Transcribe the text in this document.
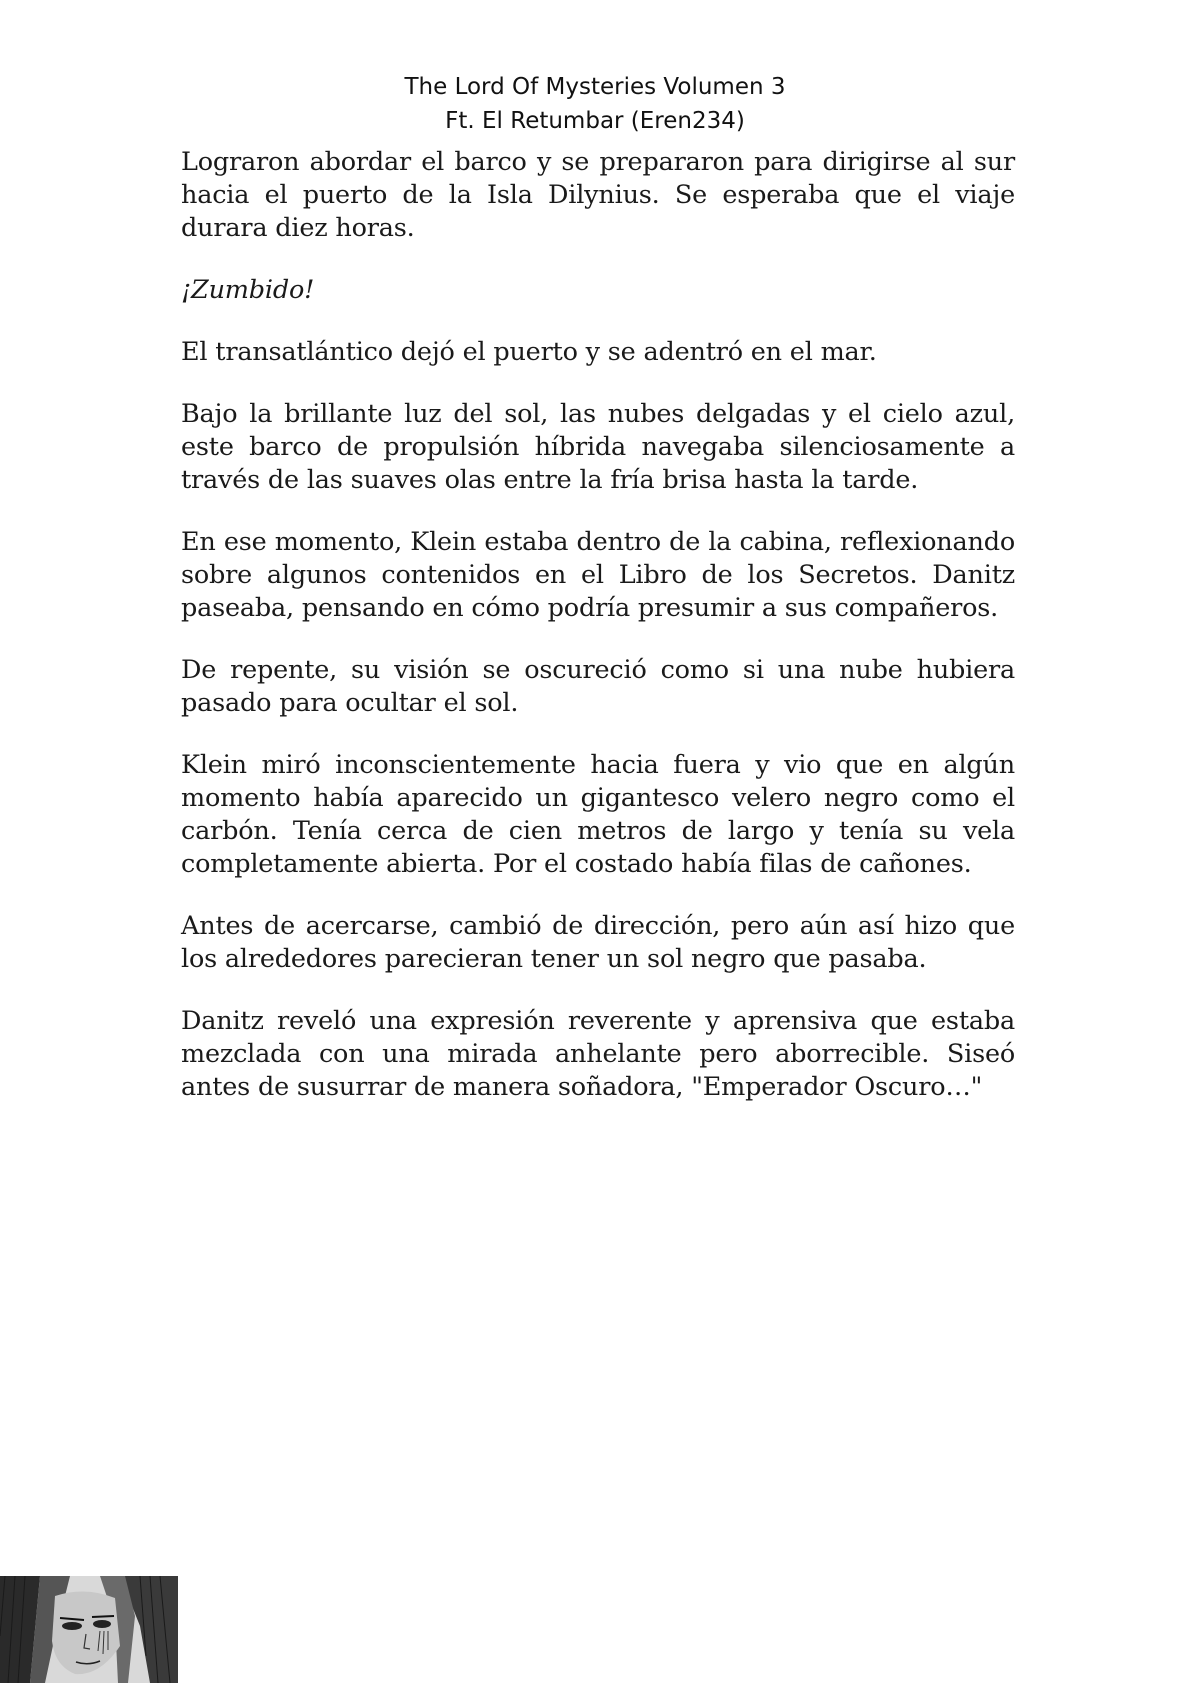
The Lord Of Mysteries Volumen 3
Ft. El Retumbar (Eren234)

Lograron abordar el barco y se prepararon para dirigirse al sur hacia el puerto de la Isla Dilynius. Se esperaba que el viaje durara diez horas.

¡Zumbido!

El transatlántico dejó el puerto y se adentró en el mar.

Bajo la brillante luz del sol, las nubes delgadas y el cielo azul, este barco de propulsión híbrida navegaba silenciosamente a través de las suaves olas entre la fría brisa hasta la tarde.

En ese momento, Klein estaba dentro de la cabina, reflexionando sobre algunos contenidos en el Libro de los Secretos. Danitz paseaba, pensando en cómo podría presumir a sus compañeros.

De repente, su visión se oscureció como si una nube hubiera pasado para ocultar el sol.

Klein miró inconscientemente hacia fuera y vio que en algún momento había aparecido un gigantesco velero negro como el carbón. Tenía cerca de cien metros de largo y tenía su vela completamente abierta. Por el costado había filas de cañones.

Antes de acercarse, cambió de dirección, pero aún así hizo que los alrededores parecieran tener un sol negro que pasaba.

Danitz reveló una expresión reverente y aprensiva que estaba mezclada con una mirada anhelante pero aborrecible. Siseó antes de susurrar de manera soñadora, "Emperador Oscuro…"
